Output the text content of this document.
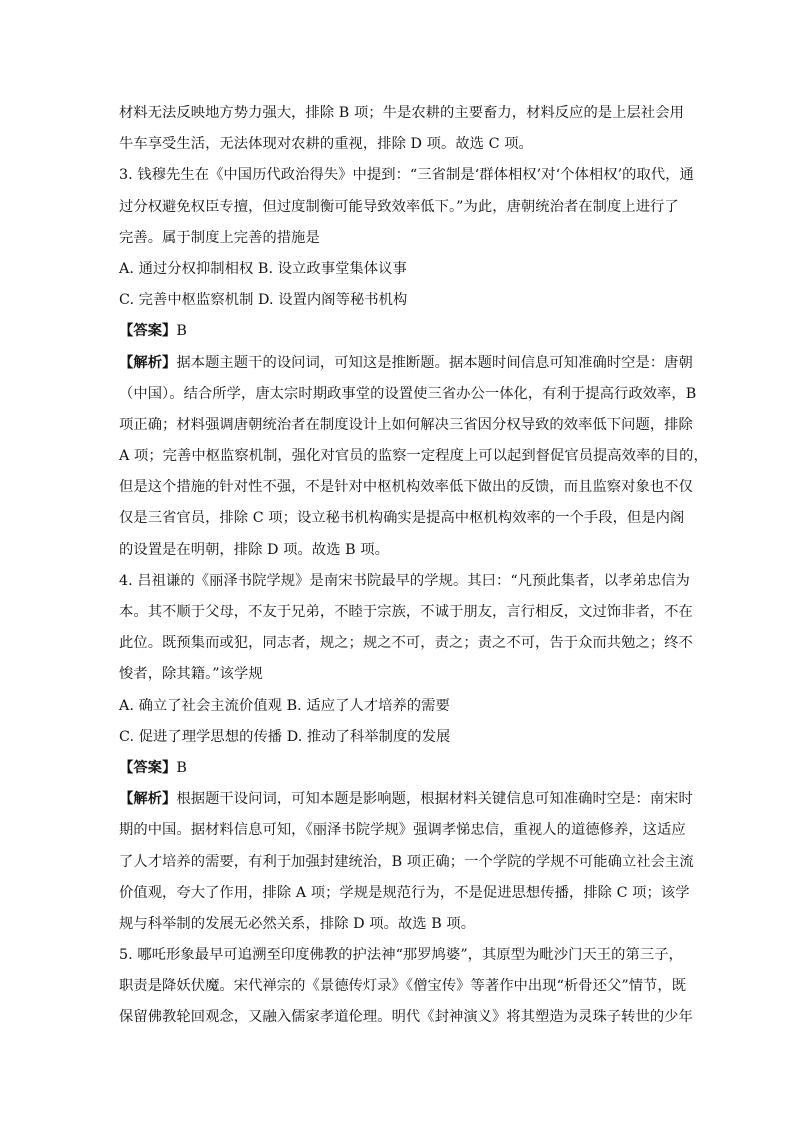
材料无法反映地方势力强大，排除 B 项；牛是农耕的主要畜力，材料反应的是上层社会用
牛车享受生活，无法体现对农耕的重视，排除 D 项。故选 C 项。
3. 钱穆先生在《中国历代政治得失》中提到：“三省制是‘群体相权’对‘个体相权’的取代，通
过分权避免权臣专擅，但过度制衡可能导致效率低下。”为此，唐朝统治者在制度上进行了
完善。属于制度上完善的措施是
A. 通过分权抑制相权 B. 设立政事堂集体议事
C. 完善中枢监察机制 D. 设置内阁等秘书机构
【答案】B
【解析】据本题主题干的设问词，可知这是推断题。据本题时间信息可知准确时空是：唐朝
（中国）。结合所学，唐太宗时期政事堂的设置使三省办公一体化，有利于提高行政效率，B
项正确；材料强调唐朝统治者在制度设计上如何解决三省因分权导致的效率低下问题，排除
A 项；完善中枢监察机制，强化对官员的监察一定程度上可以起到督促官员提高效率的目的，
但是这个措施的针对性不强，不是针对中枢机构效率低下做出的反馈，而且监察对象也不仅
仅是三省官员，排除 C 项；设立秘书机构确实是提高中枢机构效率的一个手段，但是内阁
的设置是在明朝，排除 D 项。故选 B 项。
4. 吕祖谦的《丽泽书院学规》是南宋书院最早的学规。其曰：“凡预此集者，以孝弟忠信为
本。其不顺于父母，不友于兄弟，不睦于宗族，不诚于朋友，言行相反，文过饰非者，不在
此位。既预集而或犯，同志者，规之；规之不可，责之；责之不可，告于众而共勉之；终不
悛者，除其籍。”该学规
A. 确立了社会主流价值观 B. 适应了人才培养的需要
C. 促进了理学思想的传播 D. 推动了科举制度的发展
【答案】B
【解析】根据题干设问词，可知本题是影响题，根据材料关键信息可知准确时空是：南宋时
期的中国。据材料信息可知，《丽泽书院学规》强调孝悌忠信，重视人的道德修养，这适应
了人才培养的需要，有利于加强封建统治，B 项正确；一个学院的学规不可能确立社会主流
价值观，夸大了作用，排除 A 项；学规是规范行为，不是促进思想传播，排除 C 项；该学
规与科举制的发展无必然关系，排除 D 项。故选 B 项。
5. 哪吒形象最早可追溯至印度佛教的护法神“那罗鸠婆”，其原型为毗沙门天王的第三子，
职责是降妖伏魔。宋代禅宗的《景德传灯录》《僧宝传》等著作中出现“析骨还父”情节，既
保留佛教轮回观念，又融入儒家孝道伦理。明代《封神演义》将其塑造为灵珠子转世的少年
